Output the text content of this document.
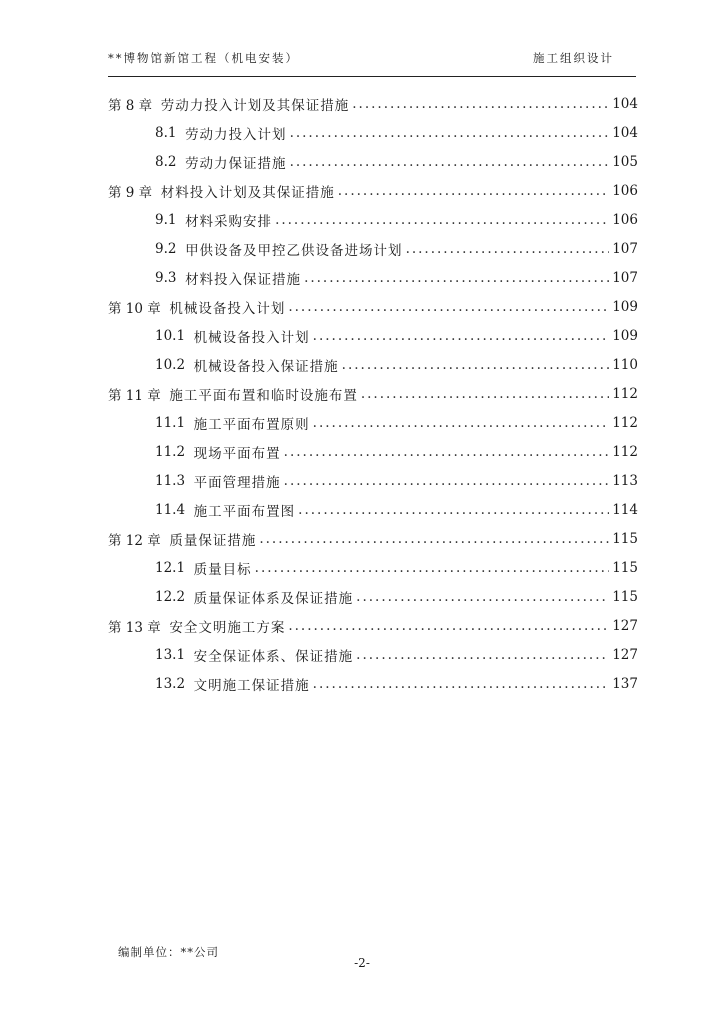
**博物馆新馆工程（机电安装）	施工组织设计
第 8 章 劳动力投入计划及其保证措施 .....	104
8.1 劳动力投入计划 .....	104
8.2 劳动力保证措施 .....	105
第 9 章 材料投入计划及其保证措施 .....	106
9.1 材料采购安排 .....	106
9.2 甲供设备及甲控乙供设备进场计划 .....	107
9.3 材料投入保证措施 .....	107
第 10 章 机械设备投入计划 .....	109
10.1 机械设备投入计划 .....	109
10.2 机械设备投入保证措施 .....	110
第 11 章 施工平面布置和临时设施布置 .....	112
11.1 施工平面布置原则 .....	112
11.2 现场平面布置 .....	112
11.3 平面管理措施 .....	113
11.4 施工平面布置图 .....	114
第 12 章 质量保证措施 .....	115
12.1 质量目标 .....	115
12.2 质量保证体系及保证措施 .....	115
第 13 章 安全文明施工方案 .....	127
13.1 安全保证体系、保证措施 .....	127
13.2 文明施工保证措施 .....	137
编制单位：**公司
-2-
